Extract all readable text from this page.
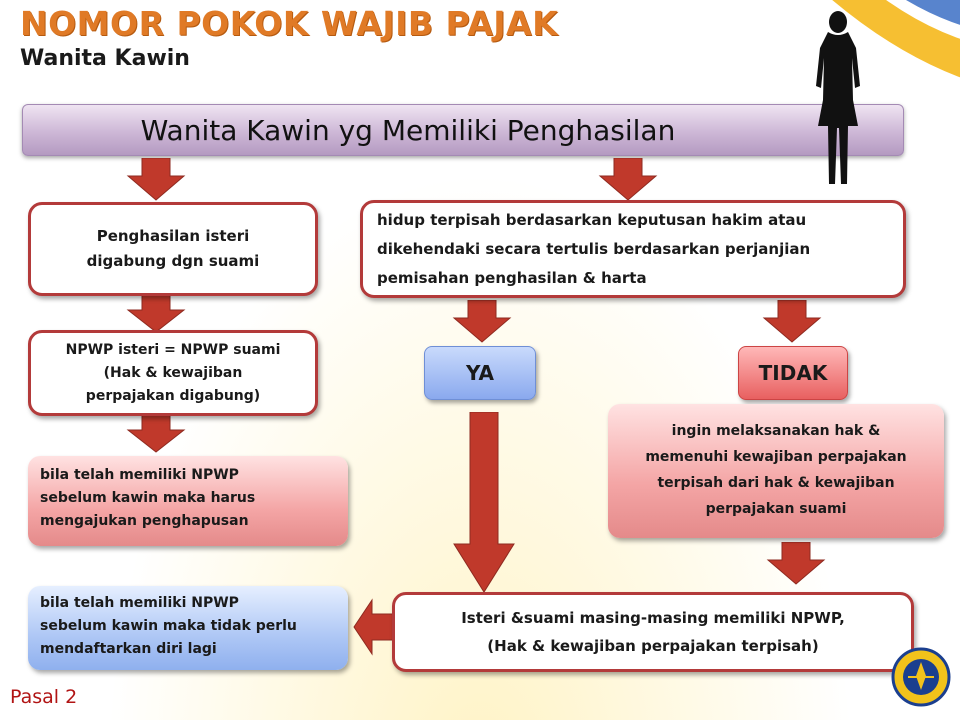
NOMOR POKOK WAJIB PAJAK
Wanita Kawin
Wanita Kawin yg Memiliki Penghasilan
Penghasilan isteri
digabung dgn suami
NPWP isteri = NPWP suami
(Hak & kewajiban
perpajakan digabung)
bila telah memiliki NPWP
sebelum kawin maka harus
mengajukan penghapusan
bila telah memiliki NPWP
sebelum kawin maka tidak perlu
mendaftarkan diri lagi
hidup terpisah berdasarkan keputusan hakim atau
dikehendaki secara tertulis berdasarkan perjanjian
pemisahan penghasilan & harta
YA	TIDAK
ingin melaksanakan hak &
memenuhi kewajiban perpajakan
terpisah dari hak & kewajiban
perpajakan suami
Isteri &suami masing-masing memiliki NPWP,
(Hak & kewajiban perpajakan terpisah)
Pasal 2
